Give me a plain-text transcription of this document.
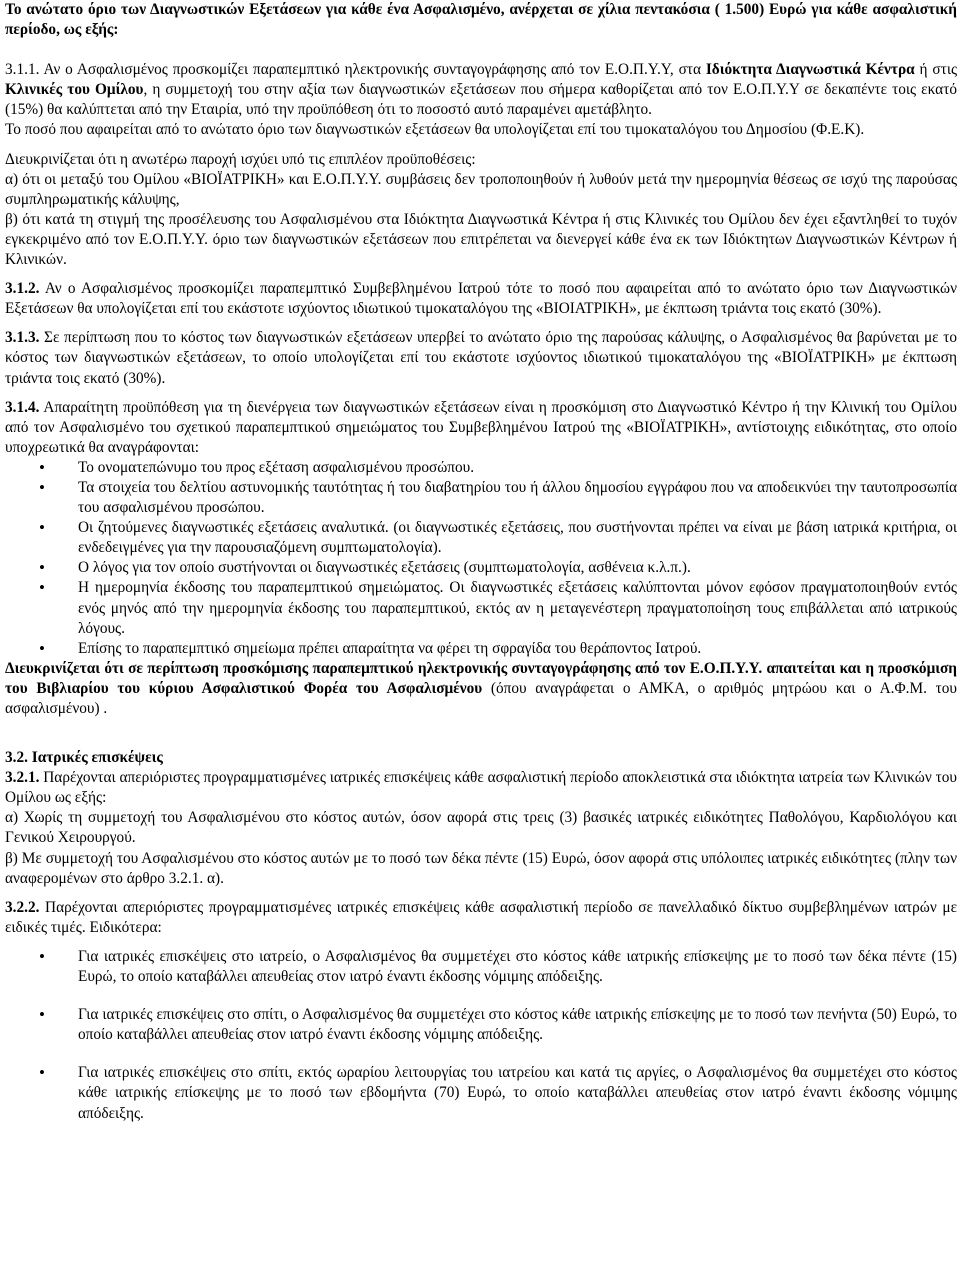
Το ανώτατο όριο των Διαγνωστικών Εξετάσεων για κάθε ένα Ασφαλισμένο, ανέρχεται σε χίλια πεντακόσια ( 1.500) Ευρώ για κάθε ασφαλιστική περίοδο, ως εξής:

3.1.1. Αν ο Ασφαλισμένος προσκομίζει παραπεμπτικό ηλεκτρονικής συνταγογράφησης από τον Ε.Ο.Π.Υ.Υ, στα Ιδιόκτητα Διαγνωστικά Κέντρα ή στις Κλινικές του Ομίλου, η συμμετοχή του στην αξία των διαγνωστικών εξετάσεων που σήμερα καθορίζεται από τον Ε.Ο.Π.Υ.Υ σε δεκαπέντε τοις εκατό (15%) θα καλύπτεται από την Εταιρία, υπό την προϋπόθεση ότι το ποσοστό αυτό παραμένει αμετάβλητο.

Το ποσό που αφαιρείται από το ανώτατο όριο των διαγνωστικών εξετάσεων θα υπολογίζεται επί του τιμοκαταλόγου του Δημοσίου (Φ.Ε.Κ).

Διευκρινίζεται ότι η ανωτέρω παροχή ισχύει υπό τις επιπλέον προϋποθέσεις:

α) ότι οι μεταξύ του Ομίλου «ΒΙΟΪΑΤΡΙΚΗ» και Ε.Ο.Π.Υ.Υ. συμβάσεις δεν τροποποιηθούν ή λυθούν μετά την ημερομηνία θέσεως σε ισχύ της παρούσας συμπληρωματικής κάλυψης,

β) ότι κατά τη στιγμή της προσέλευσης του Ασφαλισμένου στα Ιδιόκτητα Διαγνωστικά Κέντρα ή στις Κλινικές του Ομίλου δεν έχει εξαντληθεί το τυχόν εγκεκριμένο από τον Ε.Ο.Π.Υ.Υ. όριο των διαγνωστικών εξετάσεων που επιτρέπεται να διενεργεί κάθε ένα εκ των Ιδιόκτητων Διαγνωστικών Κέντρων ή Κλινικών.

3.1.2. Αν ο Ασφαλισμένος προσκομίζει παραπεμπτικό Συμβεβλημένου Ιατρού τότε το ποσό που αφαιρείται από το ανώτατο όριο των Διαγνωστικών Εξετάσεων θα υπολογίζεται επί του εκάστοτε ισχύοντος ιδιωτικού τιμοκαταλόγου της «ΒΙΟΙΑΤΡΙΚΗ», με έκπτωση τριάντα τοις εκατό (30%).

3.1.3. Σε περίπτωση που το κόστος των διαγνωστικών εξετάσεων υπερβεί το ανώτατο όριο της παρούσας κάλυψης, ο Ασφαλισμένος θα βαρύνεται με το κόστος των διαγνωστικών εξετάσεων, το οποίο υπολογίζεται επί του εκάστοτε ισχύοντος ιδιωτικού τιμοκαταλόγου της «ΒΙΟΪΑΤΡΙΚΗ» με έκπτωση τριάντα τοις εκατό (30%).

3.1.4. Απαραίτητη προϋπόθεση για τη διενέργεια των διαγνωστικών εξετάσεων είναι η προσκόμιση στο Διαγνωστικό Κέντρο ή την Κλινική του Ομίλου από τον Ασφαλισμένο του σχετικού παραπεμπτικού σημειώματος του Συμβεβλημένου Ιατρού της «ΒΙΟΪΑΤΡΙΚΗ», αντίστοιχης ειδικότητας, στο οποίο υποχρεωτικά θα αναγράφονται:

• Το ονοματεπώνυμο του προς εξέταση ασφαλισμένου προσώπου.
• Τα στοιχεία του δελτίου αστυνομικής ταυτότητας ή του διαβατηρίου του ή άλλου δημοσίου εγγράφου που να αποδεικνύει την ταυτοπροσωπία του ασφαλισμένου προσώπου.
• Οι ζητούμενες διαγνωστικές εξετάσεις αναλυτικά. (οι διαγνωστικές εξετάσεις, που συστήνονται πρέπει να είναι με βάση ιατρικά κριτήρια, οι ενδεδειγμένες για την παρουσιαζόμενη συμπτωματολογία).
• Ο λόγος για τον οποίο συστήνονται οι διαγνωστικές εξετάσεις (συμπτωματολογία, ασθένεια κ.λ.π.).
• Η ημερομηνία έκδοσης του παραπεμπτικού σημειώματος. Οι διαγνωστικές εξετάσεις καλύπτονται μόνον εφόσον πραγματοποιηθούν εντός ενός μηνός από την ημερομηνία έκδοσης του παραπεμπτικού, εκτός αν η μεταγενέστερη πραγματοποίηση τους επιβάλλεται από ιατρικούς λόγους.
• Επίσης το παραπεμπτικό σημείωμα πρέπει απαραίτητα να φέρει τη σφραγίδα του θεράποντος Ιατρού.

Διευκρινίζεται ότι σε περίπτωση προσκόμισης παραπεμπτικού ηλεκτρονικής συνταγογράφησης από τον Ε.Ο.Π.Υ.Υ. απαιτείται και η προσκόμιση του Βιβλιαρίου του κύριου Ασφαλιστικού Φορέα του Ασφαλισμένου (όπου αναγράφεται ο ΑΜΚΑ, ο αριθμός μητρώου και ο Α.Φ.Μ. του ασφαλισμένου) .

3.2. Ιατρικές επισκέψεις

3.2.1. Παρέχονται απεριόριστες προγραμματισμένες ιατρικές επισκέψεις κάθε ασφαλιστική περίοδο αποκλειστικά στα ιδιόκτητα ιατρεία των Κλινικών του Ομίλου ως εξής:

α) Χωρίς τη συμμετοχή του Ασφαλισμένου στο κόστος αυτών, όσον αφορά στις τρεις (3) βασικές ιατρικές ειδικότητες Παθολόγου, Καρδιολόγου και Γενικού Χειρουργού.

β) Με συμμετοχή του Ασφαλισμένου στο κόστος αυτών με το ποσό των δέκα πέντε (15) Ευρώ, όσον αφορά στις υπόλοιπες ιατρικές ειδικότητες (πλην των αναφερομένων στο άρθρο 3.2.1. α).

3.2.2. Παρέχονται απεριόριστες προγραμματισμένες ιατρικές επισκέψεις κάθε ασφαλιστική περίοδο σε πανελλαδικό δίκτυο συμβεβλημένων ιατρών με ειδικές τιμές. Ειδικότερα:

• Για ιατρικές επισκέψεις στο ιατρείο, ο Ασφαλισμένος θα συμμετέχει στο κόστος κάθε ιατρικής επίσκεψης με το ποσό των δέκα πέντε (15) Ευρώ, το οποίο καταβάλλει απευθείας στον ιατρό έναντι έκδοσης νόμιμης απόδειξης.
• Για ιατρικές επισκέψεις στο σπίτι, ο Ασφαλισμένος θα συμμετέχει στο κόστος κάθε ιατρικής επίσκεψης με το ποσό των πενήντα (50) Ευρώ, το οποίο καταβάλλει απευθείας στον ιατρό έναντι έκδοσης νόμιμης απόδειξης.
• Για ιατρικές επισκέψεις στο σπίτι, εκτός ωραρίου λειτουργίας του ιατρείου και κατά τις αργίες, ο Ασφαλισμένος θα συμμετέχει στο κόστος κάθε ιατρικής επίσκεψης με το ποσό των εβδομήντα (70) Ευρώ, το οποίο καταβάλλει απευθείας στον ιατρό έναντι έκδοσης νόμιμης απόδειξης.
